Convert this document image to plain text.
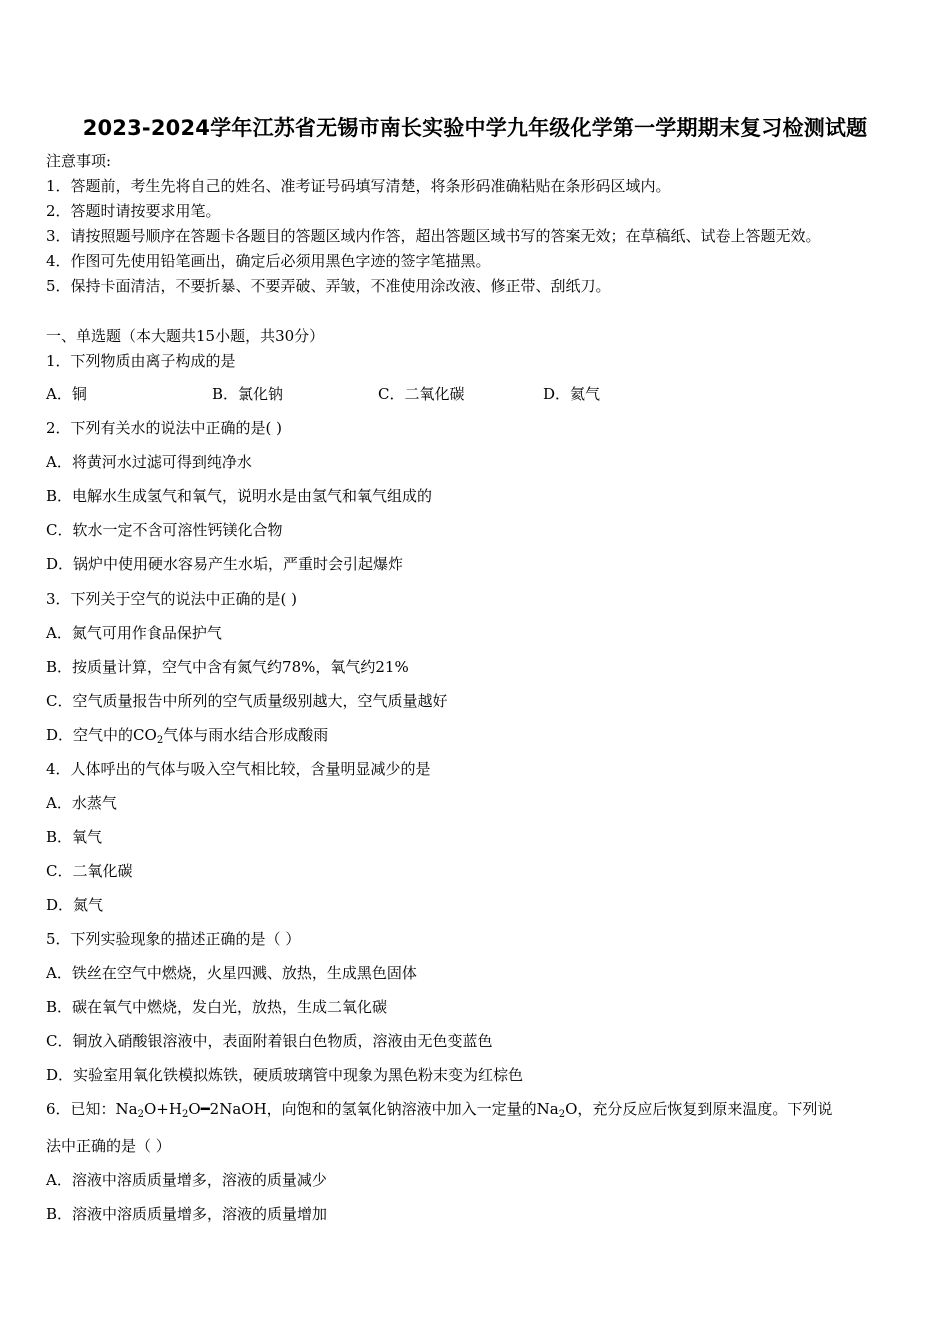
2023-2024学年江苏省无锡市南长实验中学九年级化学第一学期期末复习检测试题
注意事项:
1．答题前，考生先将自己的姓名、准考证号码填写清楚，将条形码准确粘贴在条形码区域内。
2．答题时请按要求用笔。
3．请按照题号顺序在答题卡各题目的答题区域内作答，超出答题区域书写的答案无效；在草稿纸、试卷上答题无效。
4．作图可先使用铅笔画出，确定后必须用黑色字迹的签字笔描黑。
5．保持卡面清洁，不要折暴、不要弄破、弄皱，不准使用涂改液、修正带、刮纸刀。
一、单选题（本大题共15小题，共30分）
1．下列物质由离子构成的是
A．铜	B．氯化钠	C．二氧化碳	D．氦气
2．下列有关水的说法中正确的是( )
A．将黄河水过滤可得到纯净水
B．电解水生成氢气和氧气，说明水是由氢气和氧气组成的
C．软水一定不含可溶性钙镁化合物
D．锅炉中使用硬水容易产生水垢，严重时会引起爆炸
3．下列关于空气的说法中正确的是( )
A．氮气可用作食品保护气
B．按质量计算，空气中含有氮气约78%，氧气约21%
C．空气质量报告中所列的空气质量级别越大，空气质量越好
D．空气中的$CO_2$气体与雨水结合形成酸雨
4．人体呼出的气体与吸入空气相比较，含量明显减少的是
A．水蒸气
B．氧气
C．二氧化碳
D．氮气
5．下列实验现象的描述正确的是（ ）
A．铁丝在空气中燃烧，火星四溅、放热，生成黑色固体
B．碳在氧气中燃烧，发白光，放热，生成二氧化碳
C．铜放入硝酸银溶液中，表面附着银白色物质，溶液由无色变蓝色
D．实验室用氧化铁模拟炼铁，硬质玻璃管中现象为黑色粉末变为红棕色
6．已知：$Na_2O+H_2O━2NaOH$，向饱和的氢氧化钠溶液中加入一定量的$Na_2O$，充分反应后恢复到原来温度。下列说
法中正确的是（ ）
A．溶液中溶质质量增多，溶液的质量减少
B．溶液中溶质质量增多，溶液的质量增加
